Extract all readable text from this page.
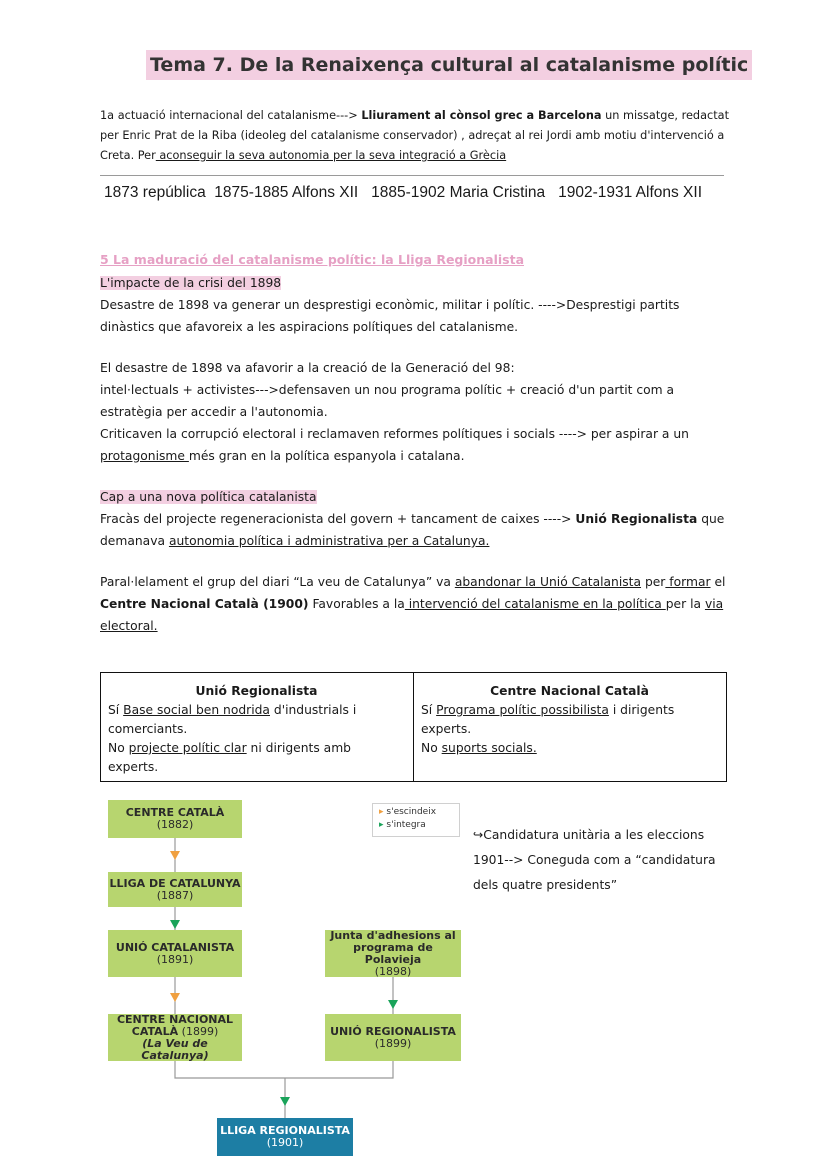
Tema 7. De la Renaixença cultural al catalanisme polític
1a actuació internacional del catalanisme---> Lliurament al cònsol grec a Barcelona un missatge, redactat per Enric Prat de la Riba (ideoleg del catalanisme conservador) , adreçat al rei Jordi amb motiu d'intervenció a Creta. Per aconseguir la seva autonomia per la seva integració a Grècia
1873 república  1875-1885 Alfons XII   1885-1902 Maria Cristina   1902-1931 Alfons XII
5 La maduració del catalanisme polític: la Lliga Regionalista
L'impacte de la crisi del 1898
Desastre de 1898 va generar un desprestigi econòmic, militar i polític. ---->Desprestigi partits dinàstics que afavoreix a les aspiracions polítiques del catalanisme.
El desastre de 1898 va afavorir a la creació de la Generació del 98:
intel·lectuals + activistes--->defensaven un nou programa polític + creació d'un partit com a estratègia per accedir a l'autonomia.
Criticaven la corrupció electoral i reclamaven reformes polítiques i socials ----> per aspirar a un protagonisme més gran en la política espanyola i catalana.
Cap a una nova política catalanista
Fracàs del projecte regeneracionista del govern + tancament de caixes ----> Unió Regionalista que demanava autonomia política i administrativa per a Catalunya.
Paral·lelament el grup del diari “La veu de Catalunya” va abandonar la Unió Catalanista per formar el Centre Nacional Català (1900) Favorables a la intervenció del catalanisme en la política per la via electoral.
Unió Regionalista
Sí Base social ben nodrida d'industrials i comerciants.
No projecte polític clar ni dirigents amb experts.

Centre Nacional Català
Sí Programa polític possibilista i dirigents experts.
No suports socials.
▸ s'escindeix
▸ s'integra
CENTRE CATALÀ
(1882)
LLIGA DE CATALUNYA
(1887)
UNIÓ CATALANISTA
(1891)
CENTRE NACIONAL
CATALÀ (1899)
(La Veu de Catalunya)
Junta d'adhesions al
programa de Polavieja
(1898)
UNIÓ REGIONALISTA
(1899)
LLIGA REGIONALISTA
(1901)
↪Candidatura unitària a les eleccions 1901--> Coneguda com a “candidatura dels quatre presidents”
